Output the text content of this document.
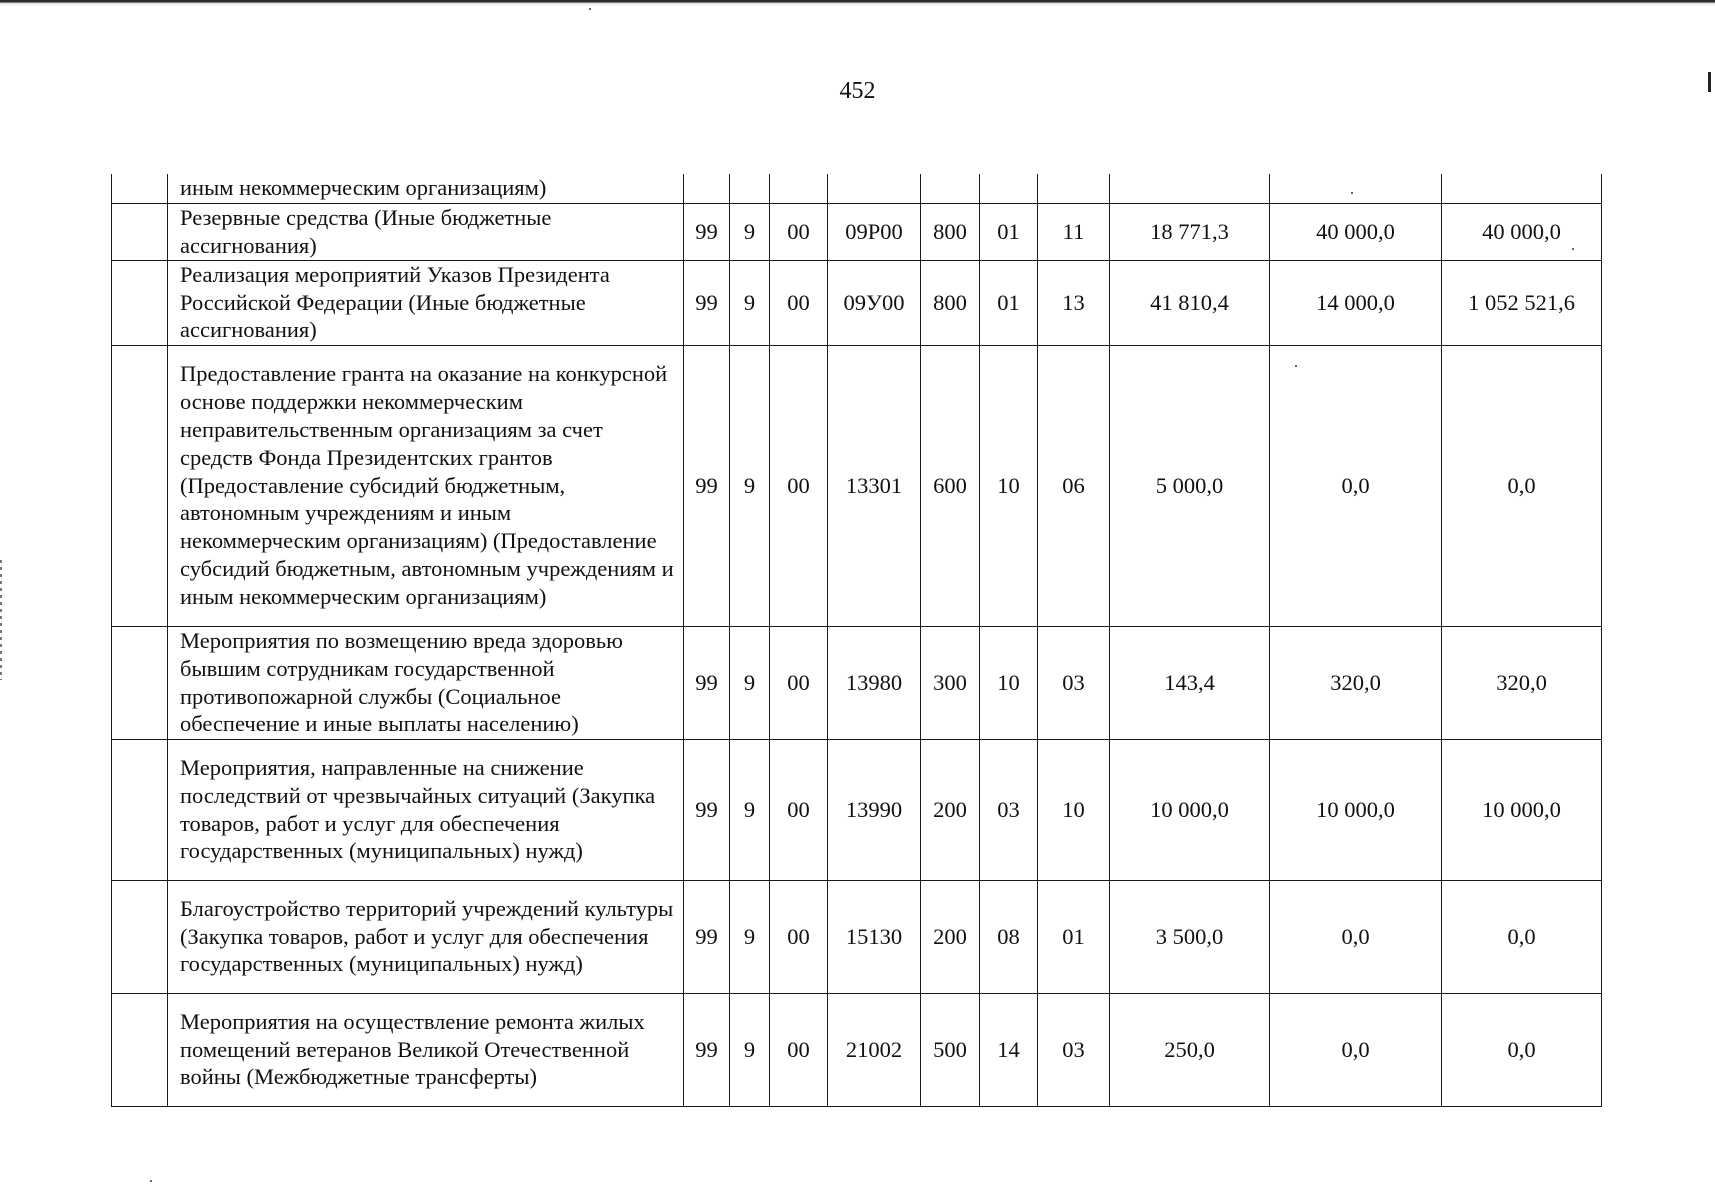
452
	иным некоммерческим организациям)										
	Резервные средства (Иные бюджетные ассигнования)	99	9	00	09Р00	800	01	11	18 771,3	40 000,0	40 000,0
	Реализация мероприятий Указов Президента Российской Федерации (Иные бюджетные ассигнования)	99	9	00	09У00	800	01	13	41 810,4	14 000,0	1 052 521,6
	Предоставление гранта на оказание на конкурсной основе поддержки некоммерческим неправительственным организациям за счет средств Фонда Президентских грантов (Предоставление субсидий бюджетным, автономным учреждениям и иным некоммерческим организациям) (Предоставление субсидий бюджетным, автономным учреждениям и иным некоммерческим организациям)	99	9	00	13301	600	10	06	5 000,0	0,0	0,0
	Мероприятия по возмещению вреда здоровью бывшим сотрудникам государственной противопожарной службы (Социальное обеспечение и иные выплаты населению)	99	9	00	13980	300	10	03	143,4	320,0	320,0
	Мероприятия, направленные на снижение последствий от чрезвычайных ситуаций (Закупка товаров, работ и услуг для обеспечения государственных (муниципальных) нужд)	99	9	00	13990	200	03	10	10 000,0	10 000,0	10 000,0
	Благоустройство территорий учреждений культуры (Закупка товаров, работ и услуг для обеспечения государственных (муниципальных) нужд)	99	9	00	15130	200	08	01	3 500,0	0,0	0,0
	Мероприятия на осуществление ремонта жилых помещений ветеранов Великой Отечественной войны (Межбюджетные трансферты)	99	9	00	21002	500	14	03	250,0	0,0	0,0
